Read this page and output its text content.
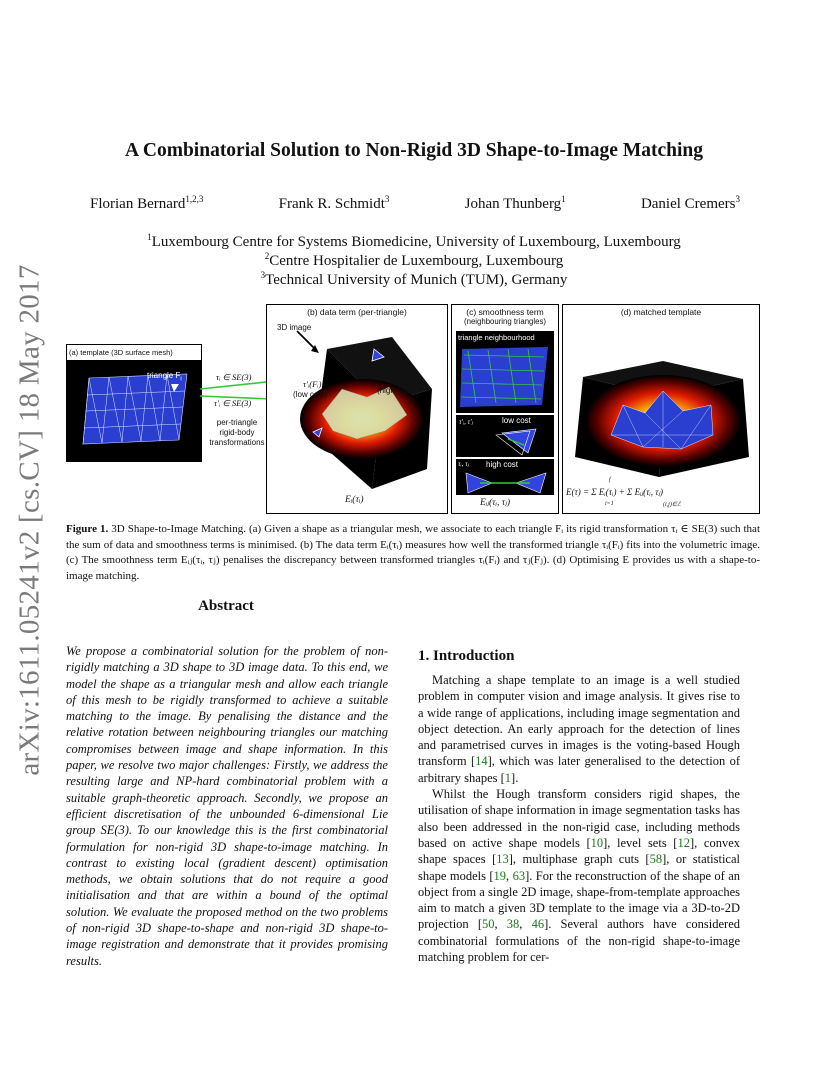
arXiv:1611.05241v2 [cs.CV] 18 May 2017
A Combinatorial Solution to Non-Rigid 3D Shape-to-Image Matching
Florian Bernard$^{1,2,3}$	Frank R. Schmidt$^3$	Johan Thunberg$^1$	Daniel Cremers$^3$
$^1$Luxembourg Centre for Systems Biomedicine, University of Luxembourg, Luxembourg
$^2$Centre Hospitalier de Luxembourg, Luxembourg
$^3$Technical University of Munich (TUM), Germany
(a) template (3D surface mesh)
triangle $F_i$	τᵢ ∈ SE(3)
τ′ᵢ ∈ SE(3)
per-triangle
rigid-body
transformations
(b) data term (per-triangle)
3D image
τ′ᵢ(Fᵢ)
(low cost)
τᵢ(Fᵢ)
(high cost)
Eᵢ(τᵢ)
(c) smoothness term
(neighbouring triangles)
triangle neighbourhood
low cost
τ′ᵢ, τ′ⱼ
high cost
τᵢ, τⱼ
Eᵢⱼ(τᵢ, τⱼ)
(d) matched template
E(τ) = Σ Eᵢ(τᵢ) + Σ Eᵢⱼ(τᵢ, τⱼ)
f
i=1	(i,j)∈ℰ
Figure 1. 3D Shape-to-Image Matching. (a) Given a shape as a triangular mesh, we associate to each triangle Fᵢ its rigid transformation τᵢ ∈ SE(3) such that the sum of data and smoothness terms is minimised. (b) The data term Eᵢ(τᵢ) measures how well the transformed triangle τᵢ(Fᵢ) fits into the volumetric image. (c) The smoothness term Eᵢⱼ(τᵢ, τⱼ) penalises the discrepancy between transformed triangles τᵢ(Fᵢ) and τⱼ(Fⱼ). (d) Optimising E provides us with a shape-to-image matching.
Abstract
We propose a combinatorial solution for the problem of non-rigidly matching a 3D shape to 3D image data. To this end, we model the shape as a triangular mesh and allow each triangle of this mesh to be rigidly transformed to achieve a suitable matching to the image. By penalising the distance and the relative rotation between neighbouring triangles our matching compromises between image and shape information. In this paper, we resolve two major challenges: Firstly, we address the resulting large and NP-hard combinatorial problem with a suitable graph-theoretic approach. Secondly, we propose an efficient discretisation of the unbounded 6-dimensional Lie group SE(3). To our knowledge this is the first combinatorial formulation for non-rigid 3D shape-to-image matching. In contrast to existing local (gradient descent) optimisation methods, we obtain solutions that do not require a good initialisation and that are within a bound of the optimal solution. We evaluate the proposed method on the two problems of non-rigid 3D shape-to-shape and non-rigid 3D shape-to-image registration and demonstrate that it provides promising results.
1. Introduction

Matching a shape template to an image is a well studied problem in computer vision and image analysis. It gives rise to a wide range of applications, including image segmentation and object detection. An early approach for the detection of lines and parametrised curves in images is the voting-based Hough transform [14], which was later generalised to the detection of arbitrary shapes [1].

Whilst the Hough transform considers rigid shapes, the utilisation of shape information in image segmentation tasks has also been addressed in the non-rigid case, including methods based on active shape models [10], level sets [12], convex shape spaces [13], multiphase graph cuts [58], or statistical shape models [19, 63]. For the reconstruction of the shape of an object from a single 2D image, shape-from-template approaches aim to match a given 3D template to the image via a 3D-to-2D projection [50, 38, 46]. Several authors have considered combinatorial formulations of the non-rigid shape-to-image matching problem for cer-
